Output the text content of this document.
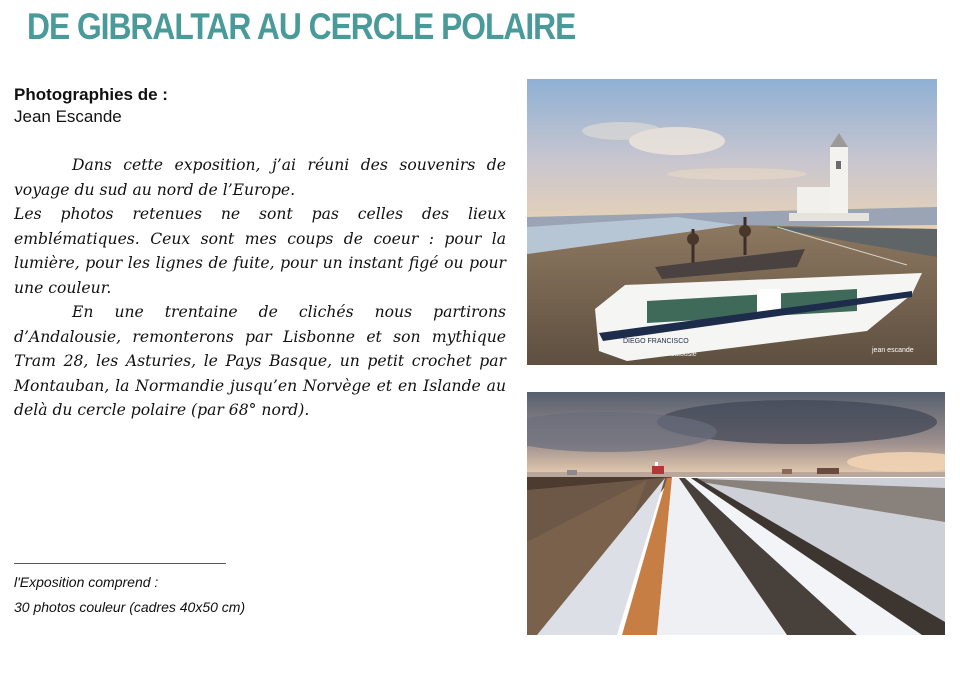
DE GIBRALTAR AU CERCLE POLAIRE
Photographies de :
Jean Escande

Dans cette exposition, j’ai réuni des souvenirs de voyage du sud au nord de l’Europe.

Les photos retenues ne sont pas celles des lieux emblématiques. Ceux sont mes coups de coeur : pour la lumière, pour les lignes de fuite, pour un instant figé ou pour une couleur.

En une trentaine de clichés nous partirons d’Andalousie, remonterons par Lisbonne et son mythique Tram 28, les Asturies, le Pays Basque, un petit crochet par Montauban, la Normandie jusqu’en Norvège et en Islande au delà du cercle polaire (par 68° nord).

l'Exposition comprend :
30 photos couleur (cadres 40x50 cm)
DIEGO FRANCISCO
Cabo de Gata / Andalousie
jean escande
